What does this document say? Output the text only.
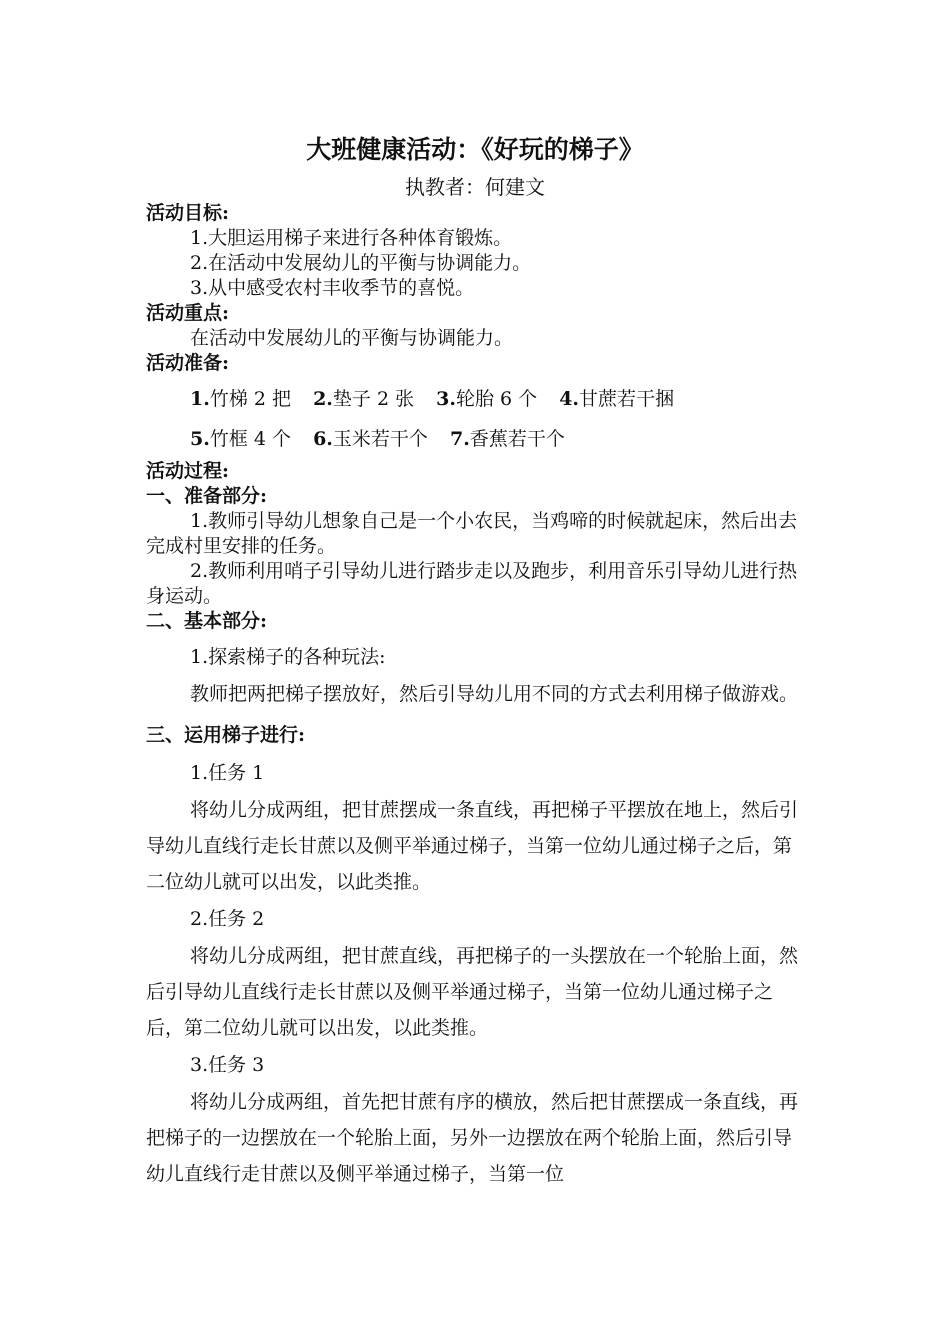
大班健康活动：《好玩的梯子》
执教者：何建文

活动目标:

1.大胆运用梯子来进行各种体育锻炼。

2.在活动中发展幼儿的平衡与协调能力。

3.从中感受农村丰收季节的喜悦。

活动重点:

在活动中发展幼儿的平衡与协调能力。

活动准备:

1.竹梯 2 把 2.垫子 2 张 3.轮胎 6 个 4.甘蔗若干捆

5.竹框 4 个 6.玉米若干个 7.香蕉若干个

活动过程:

一、准备部分:

1.教师引导幼儿想象自己是一个小农民，当鸡啼的时候就起床，然后出去完成村里安排的任务。

2.教师利用哨子引导幼儿进行踏步走以及跑步，利用音乐引导幼儿进行热身运动。

二、基本部分:

1.探索梯子的各种玩法:

教师把两把梯子摆放好，然后引导幼儿用不同的方式去利用梯子做游戏。

三、运用梯子进行:

1.任务 1

将幼儿分成两组，把甘蔗摆成一条直线，再把梯子平摆放在地上，然后引导幼儿直线行走长甘蔗以及侧平举通过梯子，当第一位幼儿通过梯子之后，第二位幼儿就可以出发，以此类推。

2.任务 2

将幼儿分成两组，把甘蔗直线，再把梯子的一头摆放在一个轮胎上面，然后引导幼儿直线行走长甘蔗以及侧平举通过梯子，当第一位幼儿通过梯子之后，第二位幼儿就可以出发，以此类推。

3.任务 3

将幼儿分成两组，首先把甘蔗有序的横放，然后把甘蔗摆成一条直线，再把梯子的一边摆放在一个轮胎上面，另外一边摆放在两个轮胎上面，然后引导幼儿直线行走甘蔗以及侧平举通过梯子，当第一位
